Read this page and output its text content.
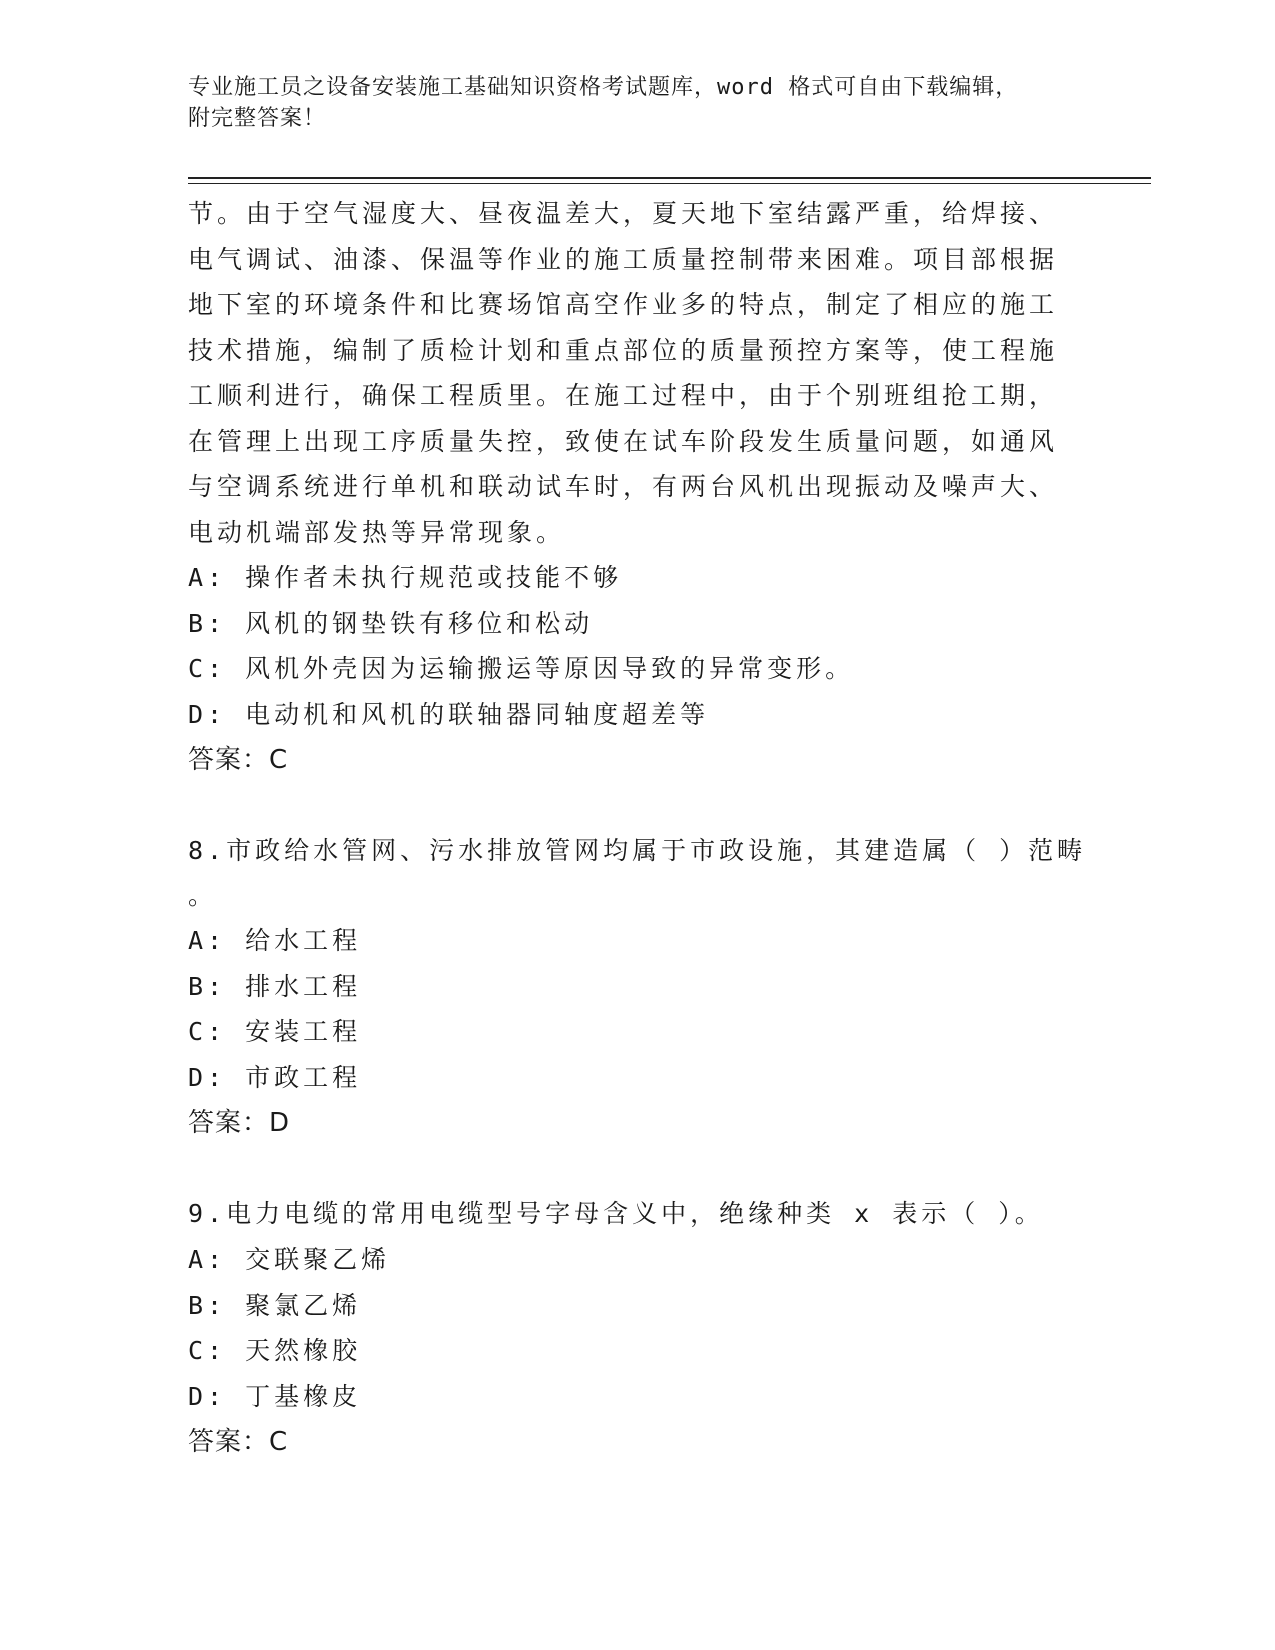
专业施工员之设备安装施工基础知识资格考试题库，word 格式可自由下载编辑，
附完整答案！
节。由于空气湿度大、昼夜温差大，夏天地下室结露严重，给焊接、
电气调试、油漆、保温等作业的施工质量控制带来困难。项目部根据
地下室的环境条件和比赛场馆高空作业多的特点，制定了相应的施工
技术措施，编制了质检计划和重点部位的质量预控方案等，使工程施
工顺利进行，确保工程质里。在施工过程中，由于个别班组抢工期，
在管理上出现工序质量失控，致使在试车阶段发生质量问题，如通风
与空调系统进行单机和联动试车时，有两台风机出现振动及噪声大、
电动机端部发热等异常现象。
A: 操作者未执行规范或技能不够
B: 风机的钢垫铁有移位和松动
C: 风机外壳因为运输搬运等原因导致的异常变形。
D: 电动机和风机的联轴器同轴度超差等
答案：C
8.市政给水管网、污水排放管网均属于市政设施，其建造属（ ）范畴
。
A: 给水工程
B: 排水工程
C: 安装工程
D: 市政工程
答案：D
9.电力电缆的常用电缆型号字母含义中，绝缘种类 x 表示（ ）。
A: 交联聚乙烯
B: 聚氯乙烯
C: 天然橡胶
D: 丁基橡皮
答案：C
